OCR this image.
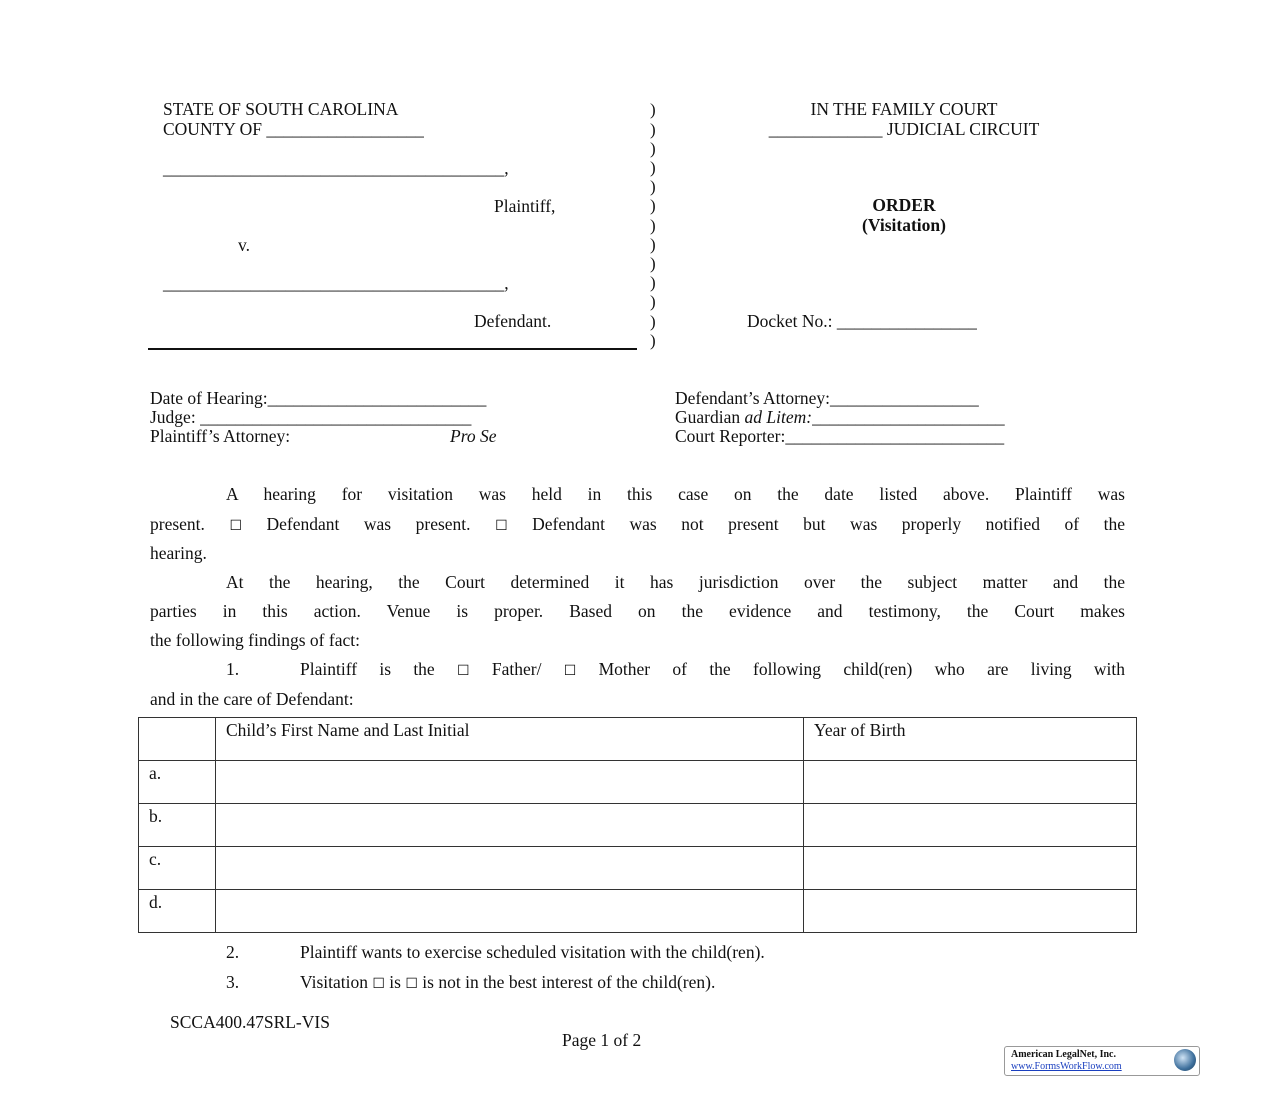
STATE OF SOUTH CAROLINA
COUNTY OF __________________
_______________________________________,
Plaintiff,
v.
_______________________________________,
Defendant.
)
)
)
)
)
)
)
)
)
)
)
)
)
IN THE FAMILY COURT
_____________ JUDICIAL CIRCUIT
ORDER
(Visitation)
Docket No.: ________________
Date of Hearing:_________________________
Judge: _______________________________
Plaintiff’s Attorney:	Pro Se
Defendant’s Attorney:_________________
Guardian ad Litem:______________________
Court Reporter:_________________________
A hearing for visitation was held in this case on the date listed above. Plaintiff was
present. ☐ Defendant was present. ☐ Defendant was not present but was properly notified of the
hearing.
At the hearing, the Court determined it has jurisdiction over the subject matter and the
parties in this action. Venue is proper. Based on the evidence and testimony, the Court makes
the following findings of fact:
1.	Plaintiff is the ☐ Father/ ☐ Mother of the following child(ren) who are living with
and in the care of Defendant:
	Child’s First Name and Last Initial	Year of Birth
a.		
b.		
c.		
d.		
2.	Plaintiff wants to exercise scheduled visitation with the child(ren).
3.	Visitation ☐ is ☐ is not in the best interest of the child(ren).
SCCA400.47SRL-VIS
Page 1 of 2
American LegalNet, Inc.
www.FormsWorkFlow.com
